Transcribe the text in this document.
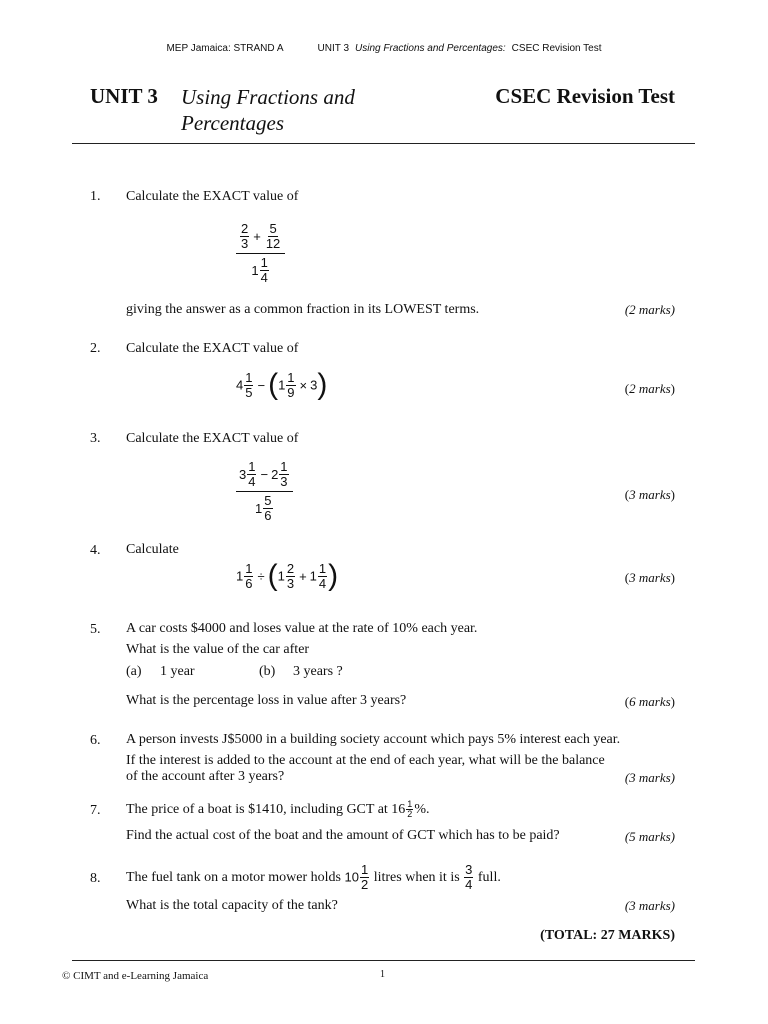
MEP Jamaica: STRAND A	UNIT 3 Using Fractions and Percentages: CSEC Revision Test
UNIT 3 Using Fractions and
Percentages
CSEC Revision Test
1. Calculate the EXACT value of
$\frac{\frac{2}{3} + \frac{5}{12}}{1 \frac{1}{4}}$
giving the answer as a common fraction in its LOWEST terms.	(2 marks)
2. Calculate the EXACT value of
$4 \frac{1}{5} - (1 \frac{1}{9} \times 3)$	(2 marks)
3. Calculate the EXACT value of
$\frac{3 \frac{1}{4} - 2 \frac{1}{3}}{1 \frac{5}{6}}$	(3 marks)
4. Calculate
$1 \frac{1}{6} \div (1 \frac{2}{3} + 1 \frac{1}{4}$ )	(3 marks)
5. A car costs $4000 and loses value at the rate of 10% each year.
What is the value of the car after
(a) 1 year	(b) 3 years ?
What is the percentage loss in value after 3 years?	(6 marks)
6. A person invests J$5000 in a building society account which pays 5% interest each year.
If the interest is added to the account at the end of each year, what will be the balance
of the account after 3 years?	(3 marks)
7. The price of a boat is $1410, including GCT at $16 \frac{1}{2}$ %.
Find the actual cost of the boat and the amount of GCT which has to be paid?	(5 marks)
8. The fuel tank on a motor mower holds $10 \frac{1}{2}$ litres when it is $\frac{3}{4}$ full.
What is the total capacity of the tank?	(3 marks)
(TOTAL: 27 MARKS)
© CIMT and e-Learning Jamaica	1
